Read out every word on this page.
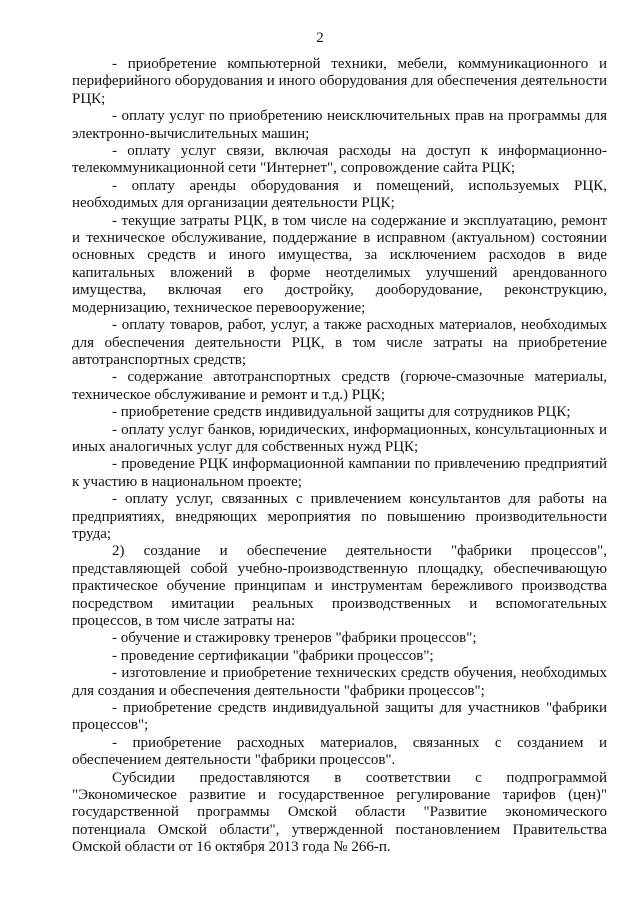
2

- приобретение компьютерной техники, мебели, коммуникационного и периферийного оборудования и иного оборудования для обеспечения деятельности РЦК;

- оплату услуг по приобретению неисключительных прав на программы для электронно-вычислительных машин;

- оплату услуг связи, включая расходы на доступ к информационно-телекоммуникационной сети "Интернет", сопровождение сайта РЦК;

- оплату аренды оборудования и помещений, используемых РЦК, необходимых для организации деятельности РЦК;

- текущие затраты РЦК, в том числе на содержание и эксплуатацию, ремонт и техническое обслуживание, поддержание в исправном (актуальном) состоянии основных средств и иного имущества, за исключением расходов в виде капитальных вложений в форме неотделимых улучшений арендованного имущества, включая его достройку, дооборудование, реконструкцию, модернизацию, техническое перевооружение;

- оплату товаров, работ, услуг, а также расходных материалов, необходимых для обеспечения деятельности РЦК, в том числе затраты на приобретение автотранспортных средств;

- содержание автотранспортных средств (горюче-смазочные материалы, техническое обслуживание и ремонт и т.д.) РЦК;

- приобретение средств индивидуальной защиты для сотрудников РЦК;

- оплату услуг банков, юридических, информационных, консультационных и иных аналогичных услуг для собственных нужд РЦК;

- проведение РЦК информационной кампании по привлечению предприятий к участию в национальном проекте;

- оплату услуг, связанных с привлечением консультантов для работы на предприятиях, внедряющих мероприятия по повышению производительности труда;

2) создание и обеспечение деятельности "фабрики процессов", представляющей собой учебно-производственную площадку, обеспечивающую практическое обучение принципам и инструментам бережливого производства посредством имитации реальных производственных и вспомогательных процессов, в том числе затраты на:

- обучение и стажировку тренеров "фабрики процессов";

- проведение сертификации "фабрики процессов";

- изготовление и приобретение технических средств обучения, необходимых для создания и обеспечения деятельности "фабрики процессов";

- приобретение средств индивидуальной защиты для участников "фабрики процессов";

- приобретение расходных материалов, связанных с созданием и обеспечением деятельности "фабрики процессов".

Субсидии предоставляются в соответствии с подпрограммой "Экономическое развитие и государственное регулирование тарифов (цен)" государственной программы Омской области "Развитие экономического потенциала Омской области", утвержденной постановлением Правительства Омской области от 16 октября 2013 года № 266-п.
